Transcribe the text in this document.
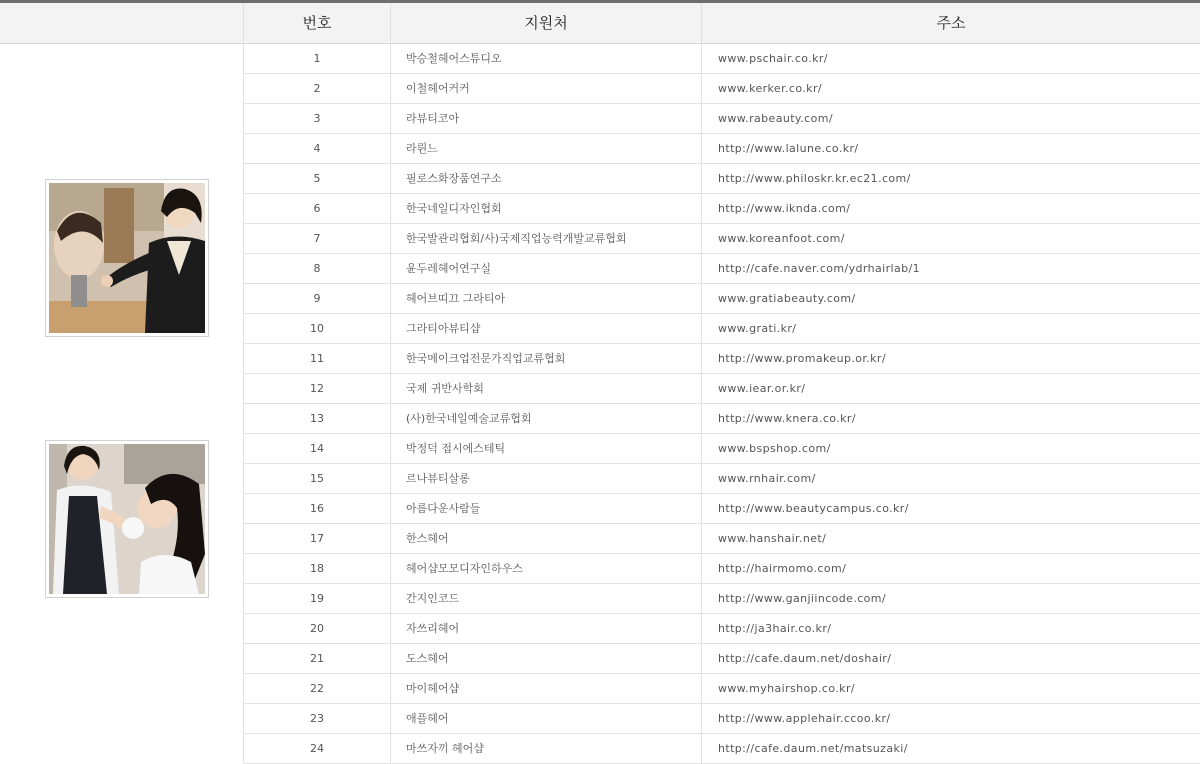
번호	지원처	주소
1	박승철헤어스튜디오	www.pschair.co.kr/
2	이철헤어커커	www.kerker.co.kr/
3	라뷰티코아	www.rabeauty.com/
4	라륀느	http://www.lalune.co.kr/
5	필로스화장품연구소	http://www.philoskr.kr.ec21.com/
6	한국네일디자인협회	http://www.iknda.com/
7	한국발관리협회/사)국제직업능력개발교류협회	www.koreanfoot.com/
8	윤두레헤어연구실	http://cafe.naver.com/ydrhairlab/1
9	헤어브띠끄 그라티아	www.gratiabeauty.com/
10	그라티아뷰티샵	www.grati.kr/
11	한국메이크업전문가직업교류협회	http://www.promakeup.or.kr/
12	국제 귀반사학회	www.iear.or.kr/
13	(사)한국네일예술교류협회	http://www.knera.co.kr/
14	박정덕 접시에스테틱	www.bspshop.com/
15	르나뷰티살롱	www.rnhair.com/
16	아름다운사람들	http://www.beautycampus.co.kr/
17	한스헤어	www.hanshair.net/
18	헤어샵모모디자인하우스	http://hairmomo.com/
19	간지인코드	http://www.ganjiincode.com/
20	자쓰리헤어	http://ja3hair.co.kr/
21	도스헤어	http://cafe.daum.net/doshair/
22	마이헤어샵	www.myhairshop.co.kr/
23	애플헤어	http://www.applehair.ccoo.kr/
24	마쓰자끼 헤어샵	http://cafe.daum.net/matsuzaki/
